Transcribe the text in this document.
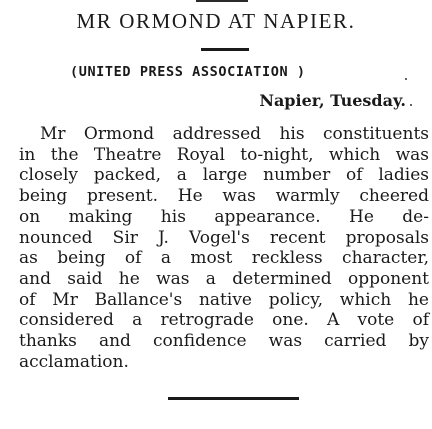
MR ORMOND AT NAPIER.
(UNITED PRESS ASSOCIATION )
Napier, Tuesday.
Mr Ormond addressed his constituents
in the Theatre Royal to-night, which was
closely packed, a large number of ladies
being present. He was warmly cheered
on making his appearance. He de-
nounced Sir J. Vogel's recent proposals
as being of a most reckless character,
and said he was a determined opponent
of Mr Ballance's native policy, which he
considered a retrograde one. A vote of
thanks and confidence was carried by
acclamation.
